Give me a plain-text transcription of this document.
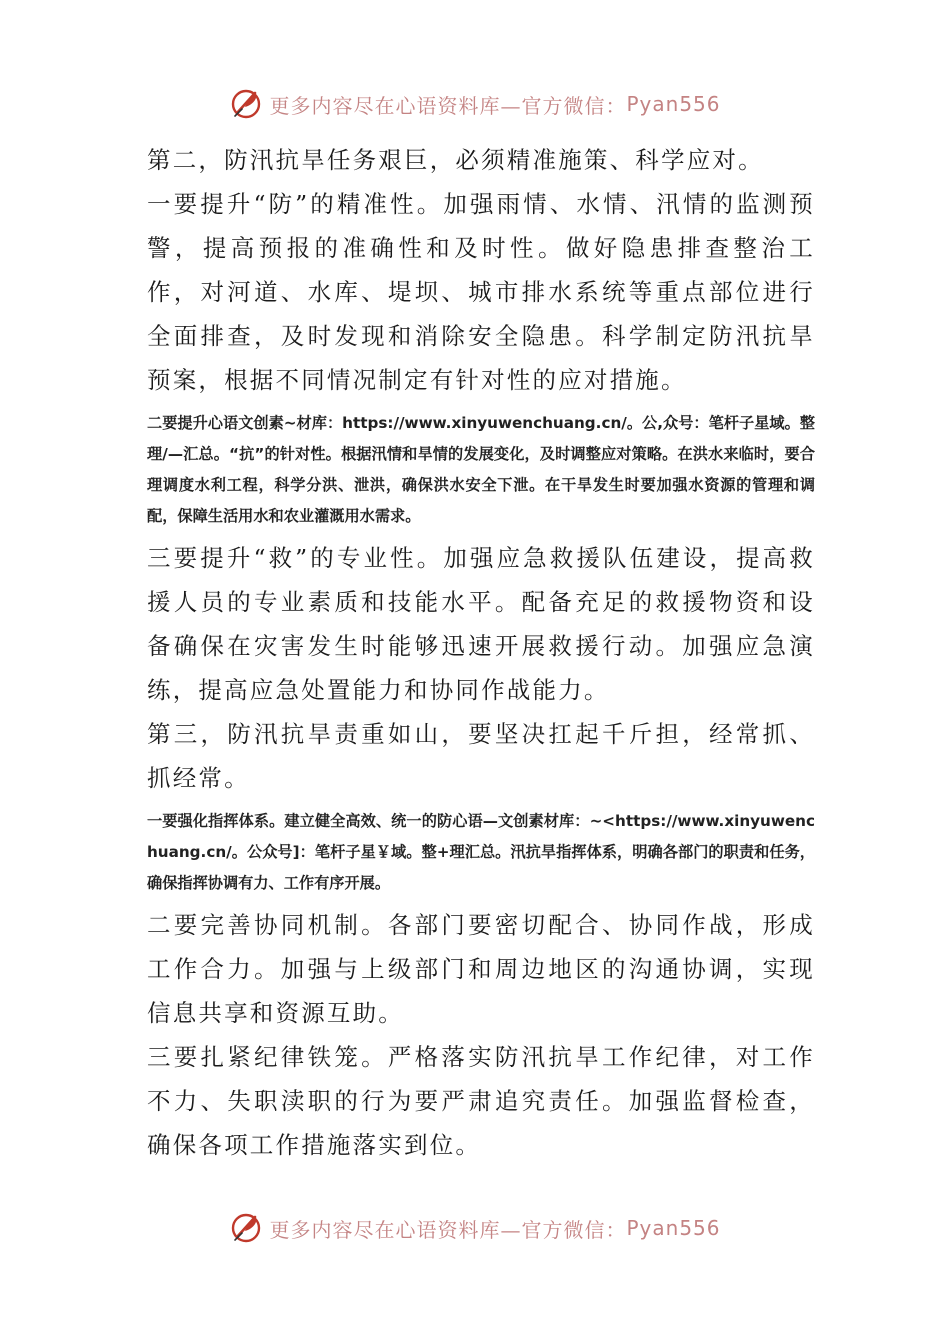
更多内容尽在心语资料库—官方微信： Pyan556

第二，防汛抗旱任务艰巨，必须精准施策、科学应对。

一要提升“防”的精准性。加强雨情、水情、汛情的监测预警，提高预报的准确性和及时性。做好隐患排查整治工作，对河道、水库、堤坝、城市排水系统等重点部位进行全面排查，及时发现和消除安全隐患。科学制定防汛抗旱预案，根据不同情况制定有针对性的应对措施。

二要提升心语文创素~材库：https://www.xinyuwenchuang.cn/。公,众号：笔杆子星域。整理/—汇总。“抗”的针对性。根据汛情和旱情的发展变化，及时调整应对策略。在洪水来临时，要合理调度水利工程，科学分洪、泄洪，确保洪水安全下泄。在干旱发生时要加强水资源的管理和调配，保障生活用水和农业灌溉用水需求。

三要提升“救”的专业性。加强应急救援队伍建设，提高救援人员的专业素质和技能水平。配备充足的救援物资和设备确保在灾害发生时能够迅速开展救援行动。加强应急演练，提高应急处置能力和协同作战能力。

第三，防汛抗旱责重如山，要坚决扛起千斤担，经常抓、抓经常。

一要强化指挥体系。建立健全高效、统一的防心语—文创素材库：~<https://www.xinyuwenchuang.cn/。公众号]：笔杆子星￥域。整+理汇总。汛抗旱指挥体系，明确各部门的职责和任务，确保指挥协调有力、工作有序开展。

二要完善协同机制。各部门要密切配合、协同作战，形成工作合力。加强与上级部门和周边地区的沟通协调，实现信息共享和资源互助。

三要扎紧纪律铁笼。严格落实防汛抗旱工作纪律，对工作不力、失职渎职的行为要严肃追究责任。加强监督检查，确保各项工作措施落实到位。

更多内容尽在心语资料库—官方微信： Pyan556
